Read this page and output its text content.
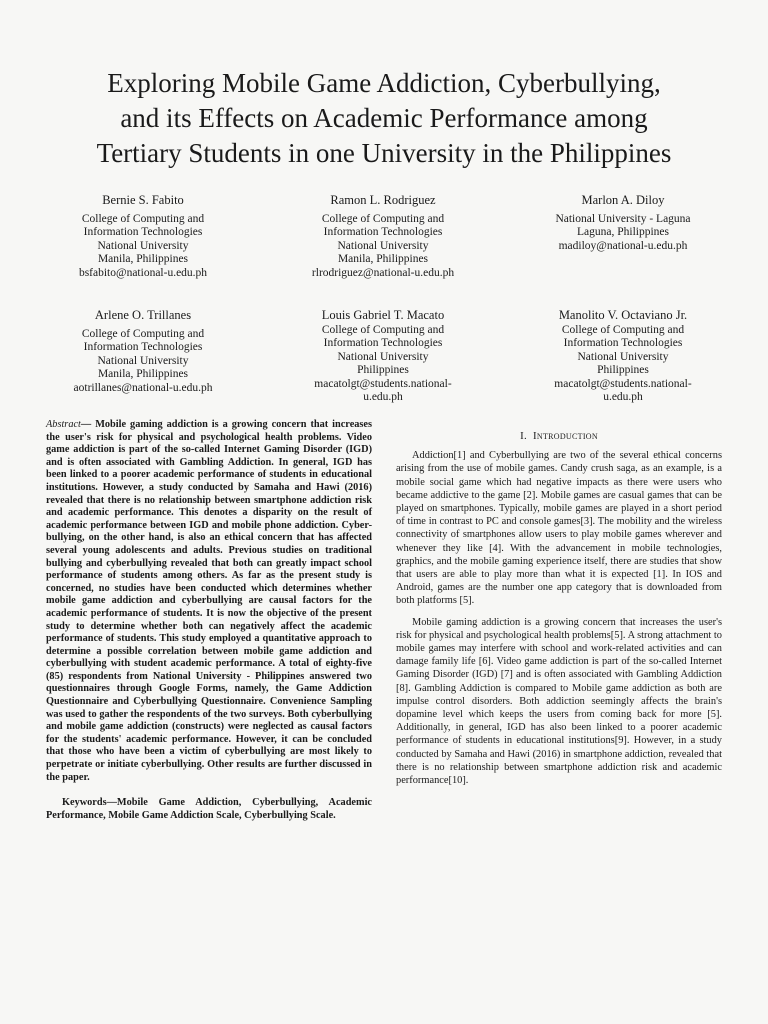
Exploring Mobile Game Addiction, Cyberbullying,
and its Effects on Academic Performance among
Tertiary Students in one University in the Philippines
Bernie S. Fabito
College of Computing and
Information Technologies
National University
Manila, Philippines
bsfabito@national-u.edu.ph
Ramon L. Rodriguez
College of Computing and
Information Technologies
National University
Manila, Philippines
rlrodriguez@national-u.edu.ph
Marlon A. Diloy
National University - Laguna
Laguna, Philippines
madiloy@national-u.edu.ph
Arlene O. Trillanes
College of Computing and
Information Technologies
National University
Manila, Philippines
aotrillanes@national-u.edu.ph
Louis Gabriel T. Macato
College of Computing and
Information Technologies
National University
Philippines
macatolgt@students.national-
u.edu.ph
Manolito V. Octaviano Jr.
College of Computing and
Information Technologies
National University
Philippines
macatolgt@students.national-
u.edu.ph

Abstract— Mobile gaming addiction is a growing concern that increases the user's risk for physical and psychological health problems. Video game addiction is part of the so-called Internet Gaming Disorder (IGD) and is often associated with Gambling Addiction. In general, IGD has been linked to a poorer academic performance of students in educational institutions. However, a study conducted by Samaha and Hawi (2016) revealed that there is no relationship between smartphone addiction risk and academic performance. This denotes a disparity on the result of academic performance between IGD and mobile phone addiction. Cyber-bullying, on the other hand, is also an ethical concern that has affected several young adolescents and adults. Previous studies on traditional bullying and cyberbullying revealed that both can greatly impact school performance of students among others. As far as the present study is concerned, no studies have been conducted which determines whether mobile game addiction and cyberbullying are causal factors for the academic performance of students. It is now the objective of the present study to determine whether both can negatively affect the academic performance of students. This study employed a quantitative approach to determine a possible correlation between mobile game addiction and cyberbullying with student academic performance. A total of eighty-five (85) respondents from National University - Philippines answered two questionnaires through Google Forms, namely, the Game Addiction Questionnaire and Cyberbullying Questionnaire. Convenience Sampling was used to gather the respondents of the two surveys. Both cyberbullying and mobile game addiction (constructs) were neglected as causal factors for the students' academic performance. However, it can be concluded that those who have been a victim of cyberbullying are most likely to perpetrate or initiate cyberbullying. Other results are further discussed in the paper.

Keywords—Mobile Game Addiction, Cyberbullying, Academic Performance, Mobile Game Addiction Scale, Cyberbullying Scale.

I. Introduction

Addiction[1] and Cyberbullying are two of the several ethical concerns arising from the use of mobile games. Candy crush saga, as an example, is a mobile social game which had negative impacts as there were users who became addictive to the game [2]. Mobile games are casual games that can be played on smartphones. Typically, mobile games are played in a short period of time in contrast to PC and console games[3]. The mobility and the wireless connectivity of smartphones allow users to play mobile games wherever and whenever they like [4]. With the advancement in mobile technologies, graphics, and the mobile gaming experience itself, there are studies that show that users are able to play more than what it is expected [1]. In IOS and Android, games are the number one app category that is downloaded from both platforms [5].

Mobile gaming addiction is a growing concern that increases the user's risk for physical and psychological health problems[5]. A strong attachment to mobile games may interfere with school and work-related activities and can damage family life [6]. Video game addiction is part of the so-called Internet Gaming Disorder (IGD) [7] and is often associated with Gambling Addiction [8]. Gambling Addiction is compared to Mobile game addiction as both are impulse control disorders. Both addiction seemingly affects the brain's dopamine level which keeps the users from coming back for more [5]. Additionally, in general, IGD has also been linked to a poorer academic performance of students in educational institutions[9]. However, in a study conducted by Samaha and Hawi (2016) in smartphone addiction, revealed that there is no relationship between smartphone addiction risk and academic performance[10].
